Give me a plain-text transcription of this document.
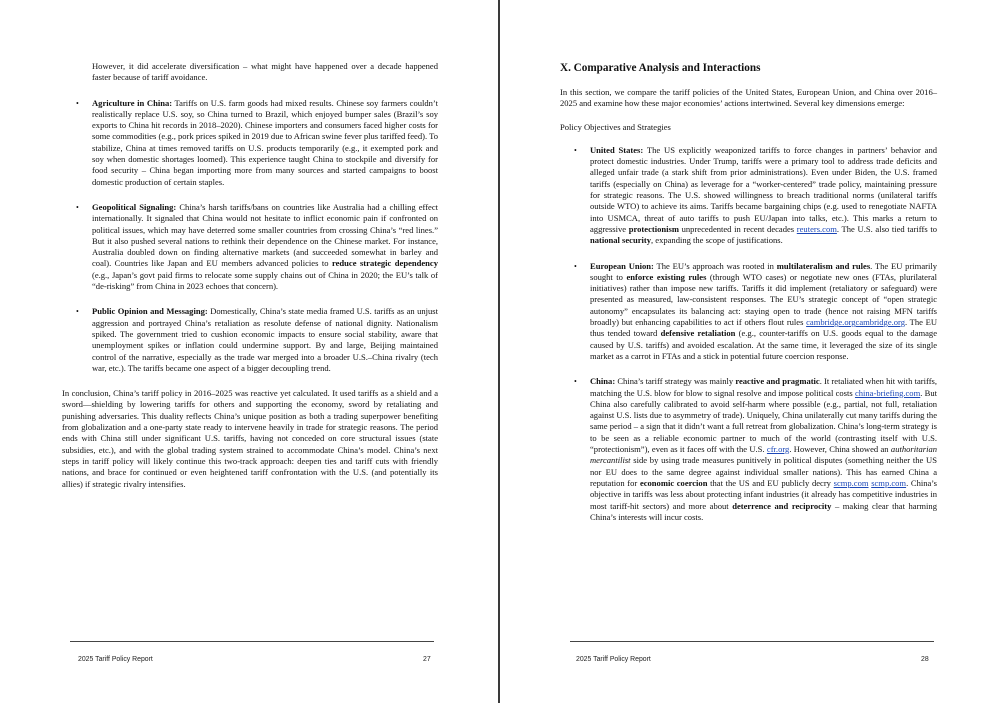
However, it did accelerate diversification – what might have happened over a decade happened faster because of tariff avoidance.

• Agriculture in China: Tariffs on U.S. farm goods had mixed results. Chinese soy farmers couldn’t realistically replace U.S. soy, so China turned to Brazil, which enjoyed bumper sales (Brazil’s soy exports to China hit records in 2018–2020). Chinese importers and consumers faced higher costs for some commodities (e.g., pork prices spiked in 2019 due to African swine fever plus tariffed feed). To stabilize, China at times removed tariffs on U.S. products temporarily (e.g., it exempted pork and soy when domestic shortages loomed). This experience taught China to stockpile and diversify for food security – China began importing more from many sources and started campaigns to boost domestic production of certain staples.
• Geopolitical Signaling: China’s harsh tariffs/bans on countries like Australia had a chilling effect internationally. It signaled that China would not hesitate to inflict economic pain if confronted on political issues, which may have deterred some smaller countries from crossing China’s “red lines.” But it also pushed several nations to rethink their dependence on the Chinese market. For instance, Australia doubled down on finding alternative markets (and succeeded somewhat in barley and coal). Countries like Japan and EU members advanced policies to reduce strategic dependency (e.g., Japan’s govt paid firms to relocate some supply chains out of China in 2020; the EU’s talk of “de-risking” from China in 2023 echoes that concern).
• Public Opinion and Messaging: Domestically, China’s state media framed U.S. tariffs as an unjust aggression and portrayed China’s retaliation as resolute defense of national dignity. Nationalism spiked. The government tried to cushion economic impacts to ensure social stability, aware that unemployment spikes or inflation could undermine support. By and large, Beijing maintained control of the narrative, especially as the trade war merged into a broader U.S.–China rivalry (tech war, etc.). The tariffs became one aspect of a bigger decoupling trend.

In conclusion, China’s tariff policy in 2016–2025 was reactive yet calculated. It used tariffs as a shield and a sword—shielding by lowering tariffs for others and supporting the economy, sword by retaliating and punishing adversaries. This duality reflects China’s unique position as both a trading superpower benefiting from globalization and a one-party state ready to intervene heavily in trade for strategic reasons. The period ends with China still under significant U.S. tariffs, having not conceded on core structural issues (state subsidies, etc.), and with the global trading system strained to accommodate China’s model. China’s next steps in tariff policy will likely continue this two-track approach: deepen ties and tariff cuts with friendly nations, and brace for continued or even heightened tariff confrontation with the U.S. (and potentially its allies) if strategic rivalry intensifies.

2025 Tariff Policy Report	27

X. Comparative Analysis and Interactions

In this section, we compare the tariff policies of the United States, European Union, and China over 2016–2025 and examine how these major economies’ actions intertwined. Several key dimensions emerge:

Policy Objectives and Strategies

• United States: The US explicitly weaponized tariffs to force changes in partners’ behavior and protect domestic industries. Under Trump, tariffs were a primary tool to address trade deficits and alleged unfair trade (a stark shift from prior administrations). Even under Biden, the U.S. framed tariffs (especially on China) as leverage for a “worker-centered” trade policy, maintaining pressure for strategic reasons. The U.S. showed willingness to breach traditional norms (unilateral tariffs outside WTO) to achieve its aims. Tariffs became bargaining chips (e.g. used to renegotiate NAFTA into USMCA, threat of auto tariffs to push EU/Japan into talks, etc.). This marks a return to aggressive protectionism unprecedented in recent decades reuters.com. The U.S. also tied tariffs to national security, expanding the scope of justifications.
• European Union: The EU’s approach was rooted in multilateralism and rules. The EU primarily sought to enforce existing rules (through WTO cases) or negotiate new ones (FTAs, plurilateral initiatives) rather than impose new tariffs. Tariffs it did implement (retaliatory or safeguard) were presented as measured, law-consistent responses. The EU’s strategic concept of “open strategic autonomy” encapsulates its balancing act: staying open to trade (hence not raising MFN tariffs broadly) but enhancing capabilities to act if others flout rules cambridge.orgcambridge.org. The EU thus tended toward defensive retaliation (e.g., counter-tariffs on U.S. goods equal to the damage caused by U.S. tariffs) and avoided escalation. At the same time, it leveraged the size of its single market as a carrot in FTAs and a stick in potential future coercion response.
• China: China’s tariff strategy was mainly reactive and pragmatic. It retaliated when hit with tariffs, matching the U.S. blow for blow to signal resolve and impose political costs china-briefing.com. But China also carefully calibrated to avoid self-harm where possible (e.g., partial, not full, retaliation against U.S. lists due to asymmetry of trade). Uniquely, China unilaterally cut many tariffs during the same period – a sign that it didn’t want a full retreat from globalization. China’s long-term strategy is to be seen as a reliable economic partner to much of the world (contrasting itself with U.S. “protectionism”), even as it faces off with the U.S. cfr.org. However, China showed an authoritarian mercantilist side by using trade measures punitively in political disputes (something neither the US nor EU does to the same degree against individual smaller nations). This has earned China a reputation for economic coercion that the US and EU publicly decry scmp.com scmp.com. China’s objective in tariffs was less about protecting infant industries (it already has competitive industries in most tariff-hit sectors) and more about deterrence and reciprocity – making clear that harming China’s interests will incur costs.
2025 Tariff Policy Report	28
